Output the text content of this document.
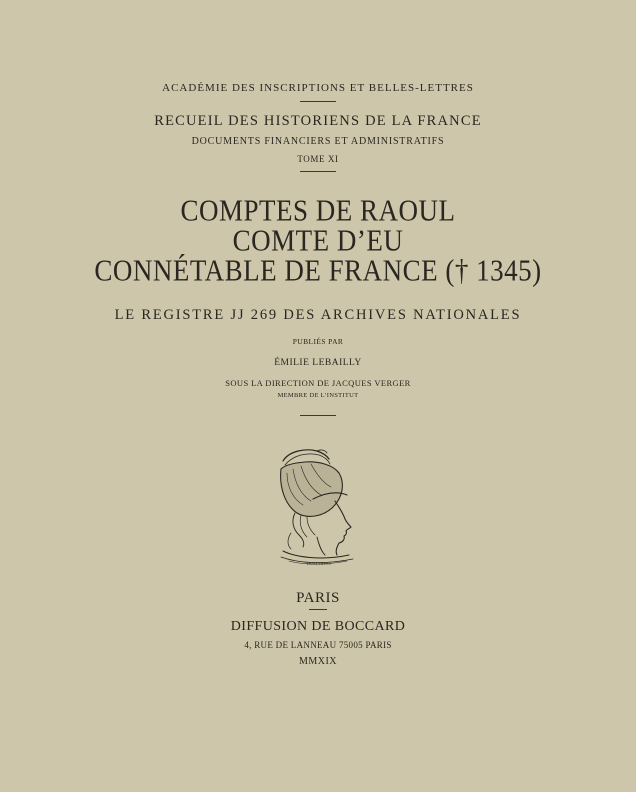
ACADÉMIE DES INSCRIPTIONS ET BELLES-LETTRES
RECUEIL DES HISTORIENS DE LA FRANCE
DOCUMENTS FINANCIERS ET ADMINISTRATIFS
TOME XI
COMPTES DE RAOUL
COMTE D’EU
CONNÉTABLE DE FRANCE († 1345)
LE REGISTRE JJ 269 DES ARCHIVES NATIONALES
PUBLIÉS PAR
ÉMILIE LEBAILLY
SOUS LA DIRECTION DE JACQUES VERGER
MEMBRE DE L’INSTITUT
DUMAREST
PARIS
DIFFUSION DE BOCCARD
4, RUE DE LANNEAU 75005 PARIS
MMXIX
